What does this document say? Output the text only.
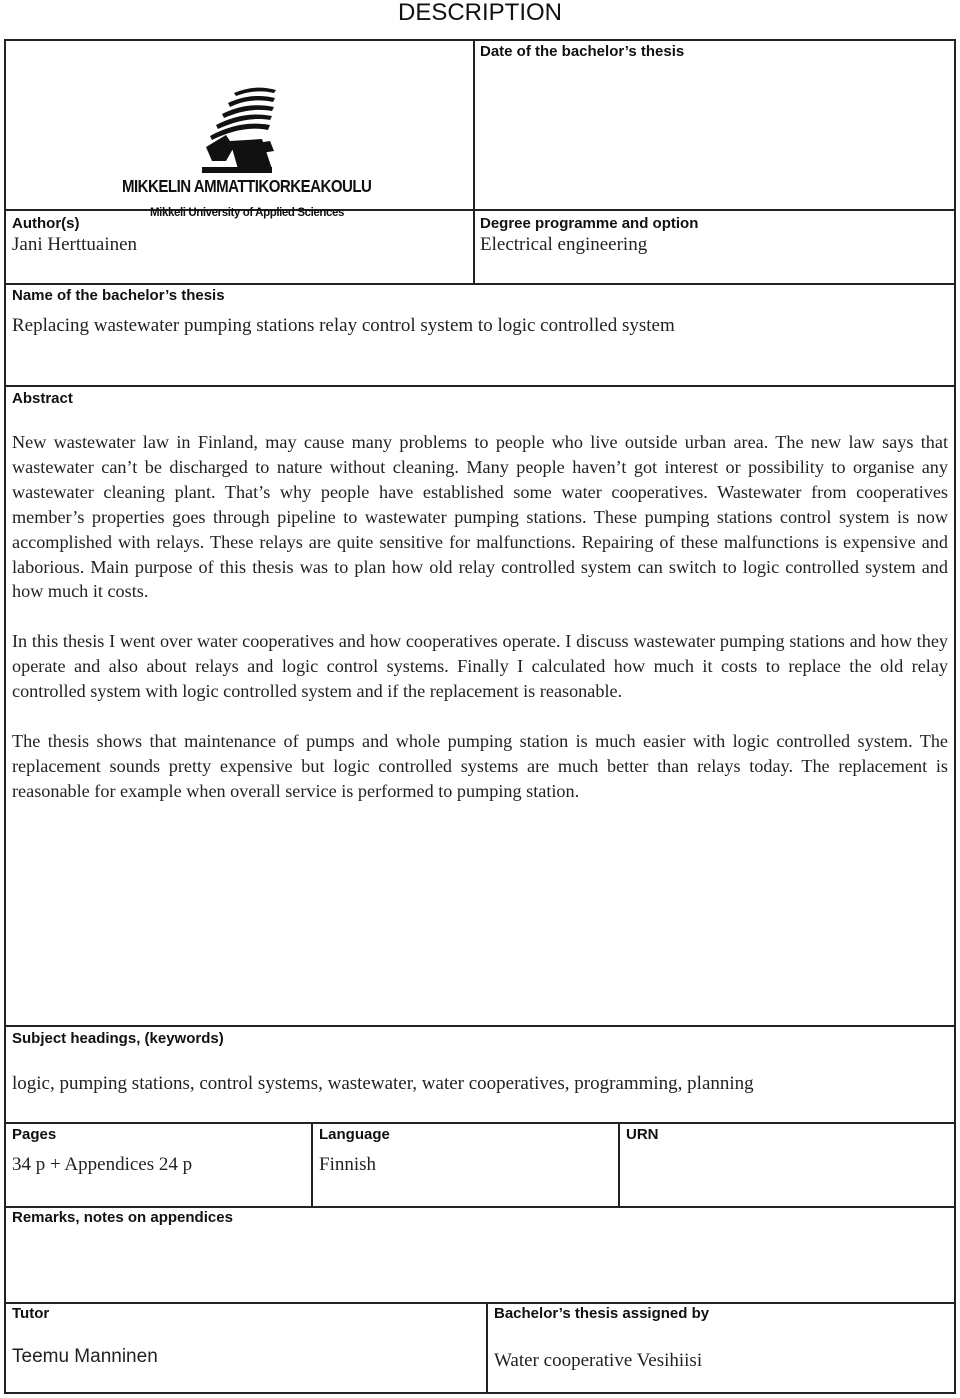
DESCRIPTION
MIKKELIN AMMATTIKORKEAKOULU
Mikkeli University of Applied Sciences
Date of the bachelor’s thesis
Author(s)
Jani Herttuainen
Degree programme and option
Electrical engineering
Name of the bachelor’s thesis
Replacing wastewater pumping stations relay control system to logic controlled system
Abstract

New wastewater law in Finland, may cause many problems to people who live outside urban area. The new law says that wastewater can’t be discharged to nature without cleaning. Many people haven’t got interest or possibility to organise any wastewater cleaning plant. That’s why people have established some water cooperatives. Wastewater from cooperatives member’s properties goes through pipeline to wastewater pumping stations. These pumping stations control system is now accomplished with relays. These relays are quite sensitive for malfunctions. Repairing of these malfunctions is expensive and laborious. Main purpose of this thesis was to plan how old relay controlled system can switch to logic controlled system and how much it costs.

In this thesis I went over water cooperatives and how cooperatives operate. I discuss wastewater pumping stations and how they operate and also about relays and logic control systems. Finally I calculated how much it costs to replace the old relay controlled system with logic controlled system and if the replacement is reasonable.

The thesis shows that maintenance of pumps and whole pumping station is much easier with logic controlled system. The replacement sounds pretty expensive but logic controlled systems are much better than relays today. The replacement is reasonable for example when overall service is performed to pumping station.

Subject headings, (keywords)
logic, pumping stations, control systems, wastewater, water cooperatives, programming, planning
Pages
34 p + Appendices 24 p
Language
Finnish
URN
Remarks, notes on appendices
Tutor
Teemu Manninen
Bachelor’s thesis assigned by
Water cooperative Vesihiisi
